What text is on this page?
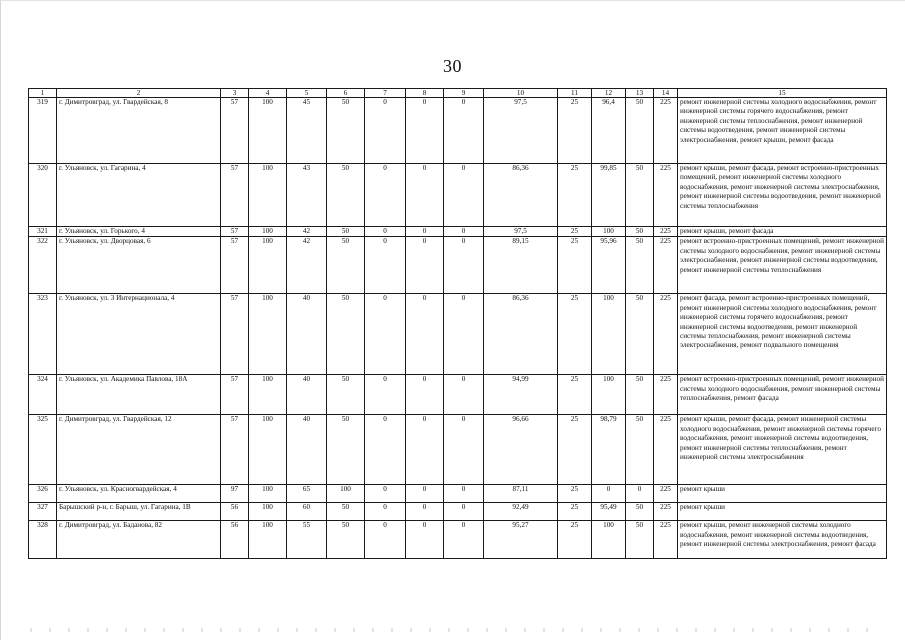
30
1	2	3	4	5	6	7	8	9	10	11	12	13	14	15
319	г. Димитровград, ул. Гвардейская, 8	57	100	45	50	0	0	0	97,5	25	96,4	50	225	ремонт инженерной системы холодного водоснабжения, ремонт инженерной системы горячего водоснабжения, ремонт инженерной системы теплоснабжения, ремонт инженерной системы водоотведения, ремонт инженерной системы электроснабжения, ремонт крыши, ремонт фасада
320	г. Ульяновск, ул. Гагарина, 4	57	100	43	50	0	0	0	86,36	25	99,85	50	225	ремонт крыши, ремонт фасада, ремонт встроенно-пристроенных помещений, ремонт инженерной системы холодного водоснабжения, ремонт инженерной системы электроснабжения, ремонт инженерной системы водоотведения, ремонт инженерной системы теплоснабжения
321	г. Ульяновск, ул. Горького, 4	57	100	42	50	0	0	0	97,5	25	100	50	225	ремонт крыши, ремонт фасада
322	г. Ульяновск, ул. Дворцовая, 6	57	100	42	50	0	0	0	89,15	25	95,96	50	225	ремонт встроенно-пристроенных помещений, ремонт инженерной системы холодного водоснабжения, ремонт инженерной системы электроснабжения, ремонт инженерной системы водоотведения, ремонт инженерной системы теплоснабжения
323	г. Ульяновск, ул. 3 Интернационала, 4	57	100	40	50	0	0	0	86,36	25	100	50	225	ремонт фасада, ремонт встроенно-пристроенных помещений, ремонт инженерной системы холодного водоснабжения, ремонт инженерной системы горячего водоснабжения, ремонт инженерной системы водоотведения, ремонт инженерной системы теплоснабжения, ремонт инженерной системы электроснабжения, ремонт подвального помещения
324	г. Ульяновск, ул. Академика Павлова, 18А	57	100	40	50	0	0	0	94,99	25	100	50	225	ремонт встроенно-пристроенных помещений, ремонт инженерной системы холодного водоснабжения, ремонт инженерной системы теплоснабжения, ремонт фасада
325	г. Димитровград, ул. Гвардейская, 12	57	100	40	50	0	0	0	96,66	25	98,79	50	225	ремонт крыши, ремонт фасада, ремонт инженерной системы холодного водоснабжения, ремонт инженерной системы горячего водоснабжения, ремонт инженерной системы водоотведения, ремонт инженерной системы теплоснабжения, ремонт инженерной системы электроснабжения
326	г. Ульяновск, ул. Красногвардейская, 4	97	100	65	100	0	0	0	87,11	25	0	0	225	ремонт крыши
327	Барышский р-н, г. Барыш, ул. Гагарина, 1В	56	100	60	50	0	0	0	92,49	25	95,49	50	225	ремонт крыши
328	г. Димитровград, ул. Баданова, 82	56	100	55	50	0	0	0	95,27	25	100	50	225	ремонт крыши, ремонт инженерной системы холодного водоснабжения, ремонт инженерной системы водоотведения, ремонт инженерной системы электроснабжения, ремонт фасада
